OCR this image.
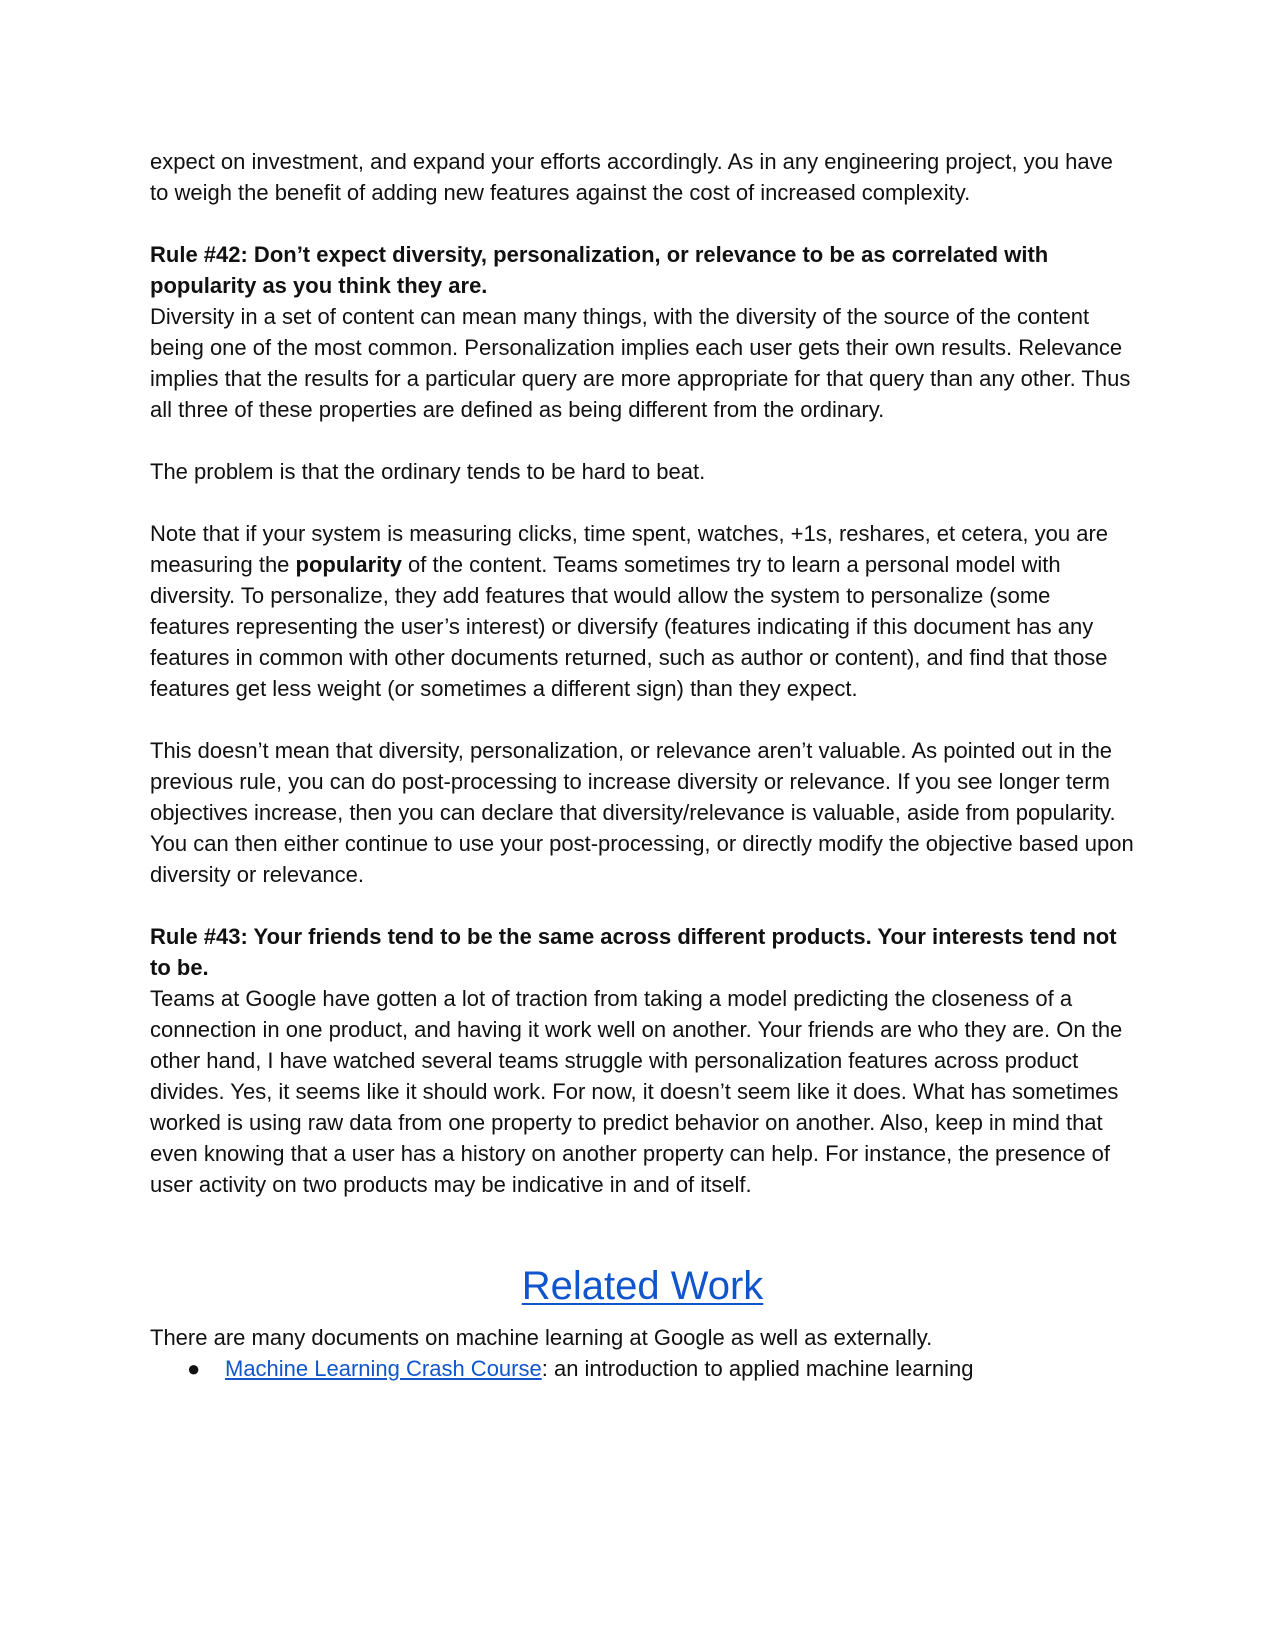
expect on investment, and expand your efforts accordingly. As in any engineering project, you have to weigh the benefit of adding new features against the cost of increased complexity.

Rule #42: Don’t expect diversity, personalization, or relevance to be as correlated with popularity as you think they are.

Diversity in a set of content can mean many things, with the diversity of the source of the content being one of the most common. Personalization implies each user gets their own results. Relevance implies that the results for a particular query are more appropriate for that query than any other. Thus all three of these properties are defined as being different from the ordinary.

The problem is that the ordinary tends to be hard to beat.

Note that if your system is measuring clicks, time spent, watches, +1s, reshares, et cetera, you are measuring the popularity of the content. Teams sometimes try to learn a personal model with diversity. To personalize, they add features that would allow the system to personalize (some features representing the user’s interest) or diversify (features indicating if this document has any features in common with other documents returned, such as author or content), and find that those features get less weight (or sometimes a different sign) than they expect.

This doesn’t mean that diversity, personalization, or relevance aren’t valuable. As pointed out in the previous rule, you can do post-processing to increase diversity or relevance. If you see longer term objectives increase, then you can declare that diversity/relevance is valuable, aside from popularity. You can then either continue to use your post-processing, or directly modify the objective based upon diversity or relevance.

Rule #43: Your friends tend to be the same across different products. Your interests tend not to be.

Teams at Google have gotten a lot of traction from taking a model predicting the closeness of a connection in one product, and having it work well on another. Your friends are who they are. On the other hand, I have watched several teams struggle with personalization features across product divides. Yes, it seems like it should work. For now, it doesn’t seem like it does. What has sometimes worked is using raw data from one property to predict behavior on another. Also, keep in mind that even knowing that a user has a history on another property can help. For instance, the presence of user activity on two products may be indicative in and of itself.

Related Work

There are many documents on machine learning at Google as well as externally.

● Machine Learning Crash Course: an introduction to applied machine learning
